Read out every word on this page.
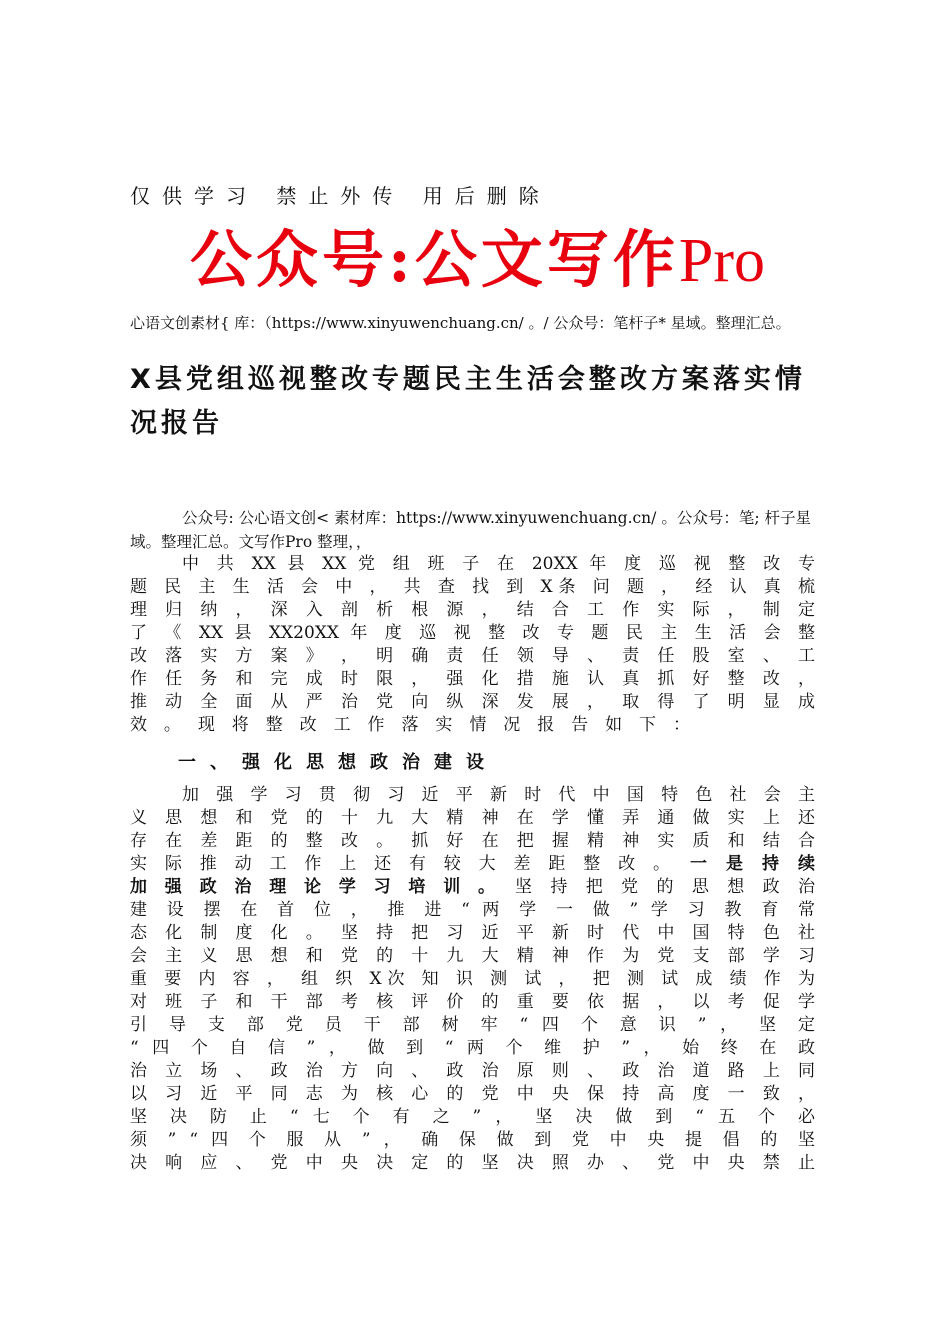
仅供学习 禁止外传 用后删除
公众号:公文写作Pro
心语文创素材{ 库：（https://www.xinyuwenchuang.cn/ 。/ 公众号：笔杆子* 星域。整理汇总。
X县党组巡视整改专题民主生活会整改方案落实情况报告
公众号: 公心语文创< 素材库：https://www.xinyuwenchuang.cn/ 。公众号：笔; 杆子星域。整理汇总。文写作Pro 整理，，
中 共 XX 县 XX 党 组 班 子 在 20XX 年 度 巡 视 整 改 专
题 民 主 生 活 会 中 ， 共 查 找 到 X条 问 题 ， 经 认 真 梳
理 归 纳 ， 深 入 剖 析 根 源 ， 结 合 工 作 实 际 ， 制 定
了 《 XX 县 XX20XX 年 度 巡 视 整 改 专 题 民 主 生 活 会 整
改 落 实 方 案 》 ， 明 确 责 任 领 导 、 责 任 股 室 、 工
作 任 务 和 完 成 时 限 ， 强 化 措 施 认 真 抓 好 整 改 ，
推 动 全 面 从 严 治 党 向 纵 深 发 展 ， 取 得 了 明 显 成
效 。 现 将 整 改 工 作 落 实 情 况 报 告 如 下 ：
一、强化思想政治建设
加 强 学 习 贯 彻 习 近 平 新 时 代 中 国 特 色 社 会 主
义 思 想 和 党 的 十 九 大 精 神 在 学 懂 弄 通 做 实 上 还
存 在 差 距 的 整 改 。 抓 好 在 把 握 精 神 实 质 和 结 合
实 际 推 动 工 作 上 还 有 较 大 差 距 整 改 。 一 是 持 续
加 强 政 治 理 论 学 习 培 训 。 坚 持 把 党 的 思 想 政 治
建 设 摆 在 首 位 ， 推 进 “ 两 学 一 做 ” 学 习 教 育 常
态 化 制 度 化 。 坚 持 把 习 近 平 新 时 代 中 国 特 色 社
会 主 义 思 想 和 党 的 十 九 大 精 神 作 为 党 支 部 学 习
重 要 内 容 ， 组 织 X次 知 识 测 试 ， 把 测 试 成 绩 作 为
对 班 子 和 干 部 考 核 评 价 的 重 要 依 据 ， 以 考 促 学
引 导 支 部 党 员 干 部 树 牢 “ 四 个 意 识 ” ， 坚 定
“ 四 个 自 信 ” ， 做 到 “ 两 个 维 护 ” ， 始 终 在 政
治 立 场 、 政 治 方 向 、 政 治 原 则 、 政 治 道 路 上 同
以 习 近 平 同 志 为 核 心 的 党 中 央 保 持 高 度 一 致 ，
坚 决 防 止 “ 七 个 有 之 ” ， 坚 决 做 到 “ 五 个 必
须 ” “ 四 个 服 从 ” ， 确 保 做 到 党 中 央 提 倡 的 坚
决 响 应 、 党 中 央 决 定 的 坚 决 照 办 、 党 中 央 禁 止
